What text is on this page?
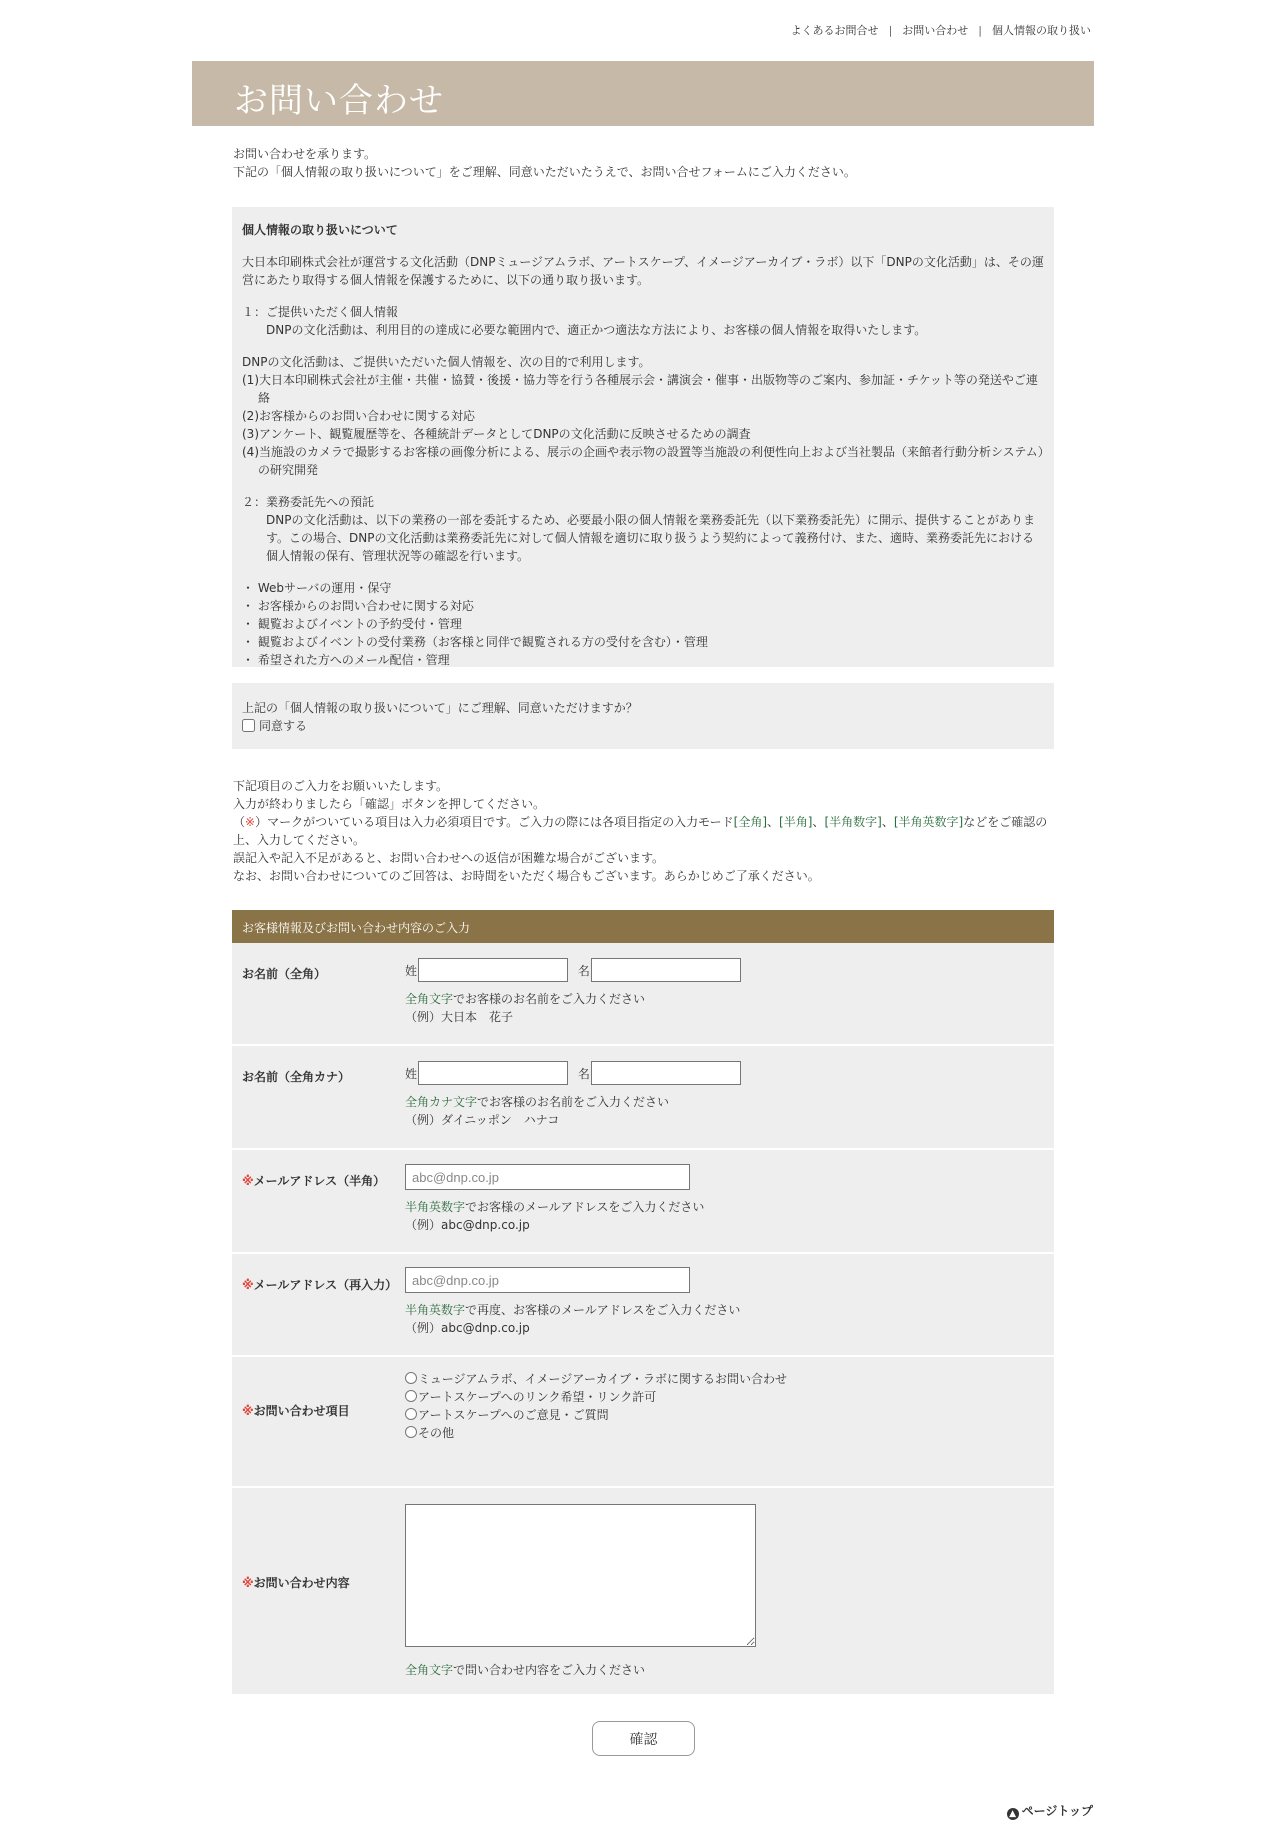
よくあるお問合せ | お問い合わせ | 個人情報の取り扱い
お問い合わせ
お問い合わせを承ります。
下記の「個人情報の取り扱いについて」をご理解、同意いただいたうえで、お問い合せフォームにご入力ください。
個人情報の取り扱いについて

大日本印刷株式会社が運営する文化活動（DNPミュージアムラボ、アートスケープ、イメージアーカイブ・ラボ）以下「DNPの文化活動」は、その運営にあたり取得する個人情報を保護するために、以下の通り取り扱います。

１：ご提供いただく個人情報
DNPの文化活動は、利用目的の達成に必要な範囲内で、適正かつ適法な方法により、お客様の個人情報を取得いたします。

DNPの文化活動は、ご提供いただいた個人情報を、次の目的で利用します。
(1)大日本印刷株式会社が主催・共催・協賛・後援・協力等を行う各種展示会・講演会・催事・出版物等のご案内、参加証・チケット等の発送やご連絡
(2)お客様からのお問い合わせに関する対応
(3)アンケート、観覧履歴等を、各種統計データとしてDNPの文化活動に反映させるための調査
(4)当施設のカメラで撮影するお客様の画像分析による、展示の企画や表示物の設置等当施設の利便性向上および当社製品（来館者行動分析システム）の研究開発

２：業務委託先への預託
DNPの文化活動は、以下の業務の一部を委託するため、必要最小限の個人情報を業務委託先（以下業務委託先）に開示、提供することがあります。この場合、DNPの文化活動は業務委託先に対して個人情報を適切に取り扱うよう契約によって義務付け、また、適時、業務委託先における個人情報の保有、管理状況等の確認を行います。

・ Webサーバの運用・保守
・ お客様からのお問い合わせに関する対応
・ 観覧およびイベントの予約受付・管理
・ 観覧およびイベントの受付業務（お客様と同伴で観覧される方の受付を含む）・管理
・ 希望された方へのメール配信・管理

上記の「個人情報の取り扱いについて」にご理解、同意いただけますか？
同意する
下記項目のご入力をお願いいたします。
入力が終わりましたら「確認」ボタンを押してください。
（※）マークがついている項目は入力必須項目です。ご入力の際には各項目指定の入力モード[全角]、[半角]、[半角数字]、[半角英数字]などをご確認の上、入力してください。
誤記入や記入不足があると、お問い合わせへの返信が困難な場合がございます。
なお、お問い合わせについてのご回答は、お時間をいただく場合もございます。あらかじめご了承ください。
お客様情報及びお問い合わせ内容のご入力
お名前（全角）	姓	名
全角文字でお客様のお名前をご入力ください
（例）大日本　花子
お名前（全角カナ）	姓	名
全角カナ文字でお客様のお名前をご入力ください
（例）ダイニッポン　ハナコ
※メールアドレス（半角）
abc@dnp.co.jp
半角英数字でお客様のメールアドレスをご入力ください
（例）abc@dnp.co.jp
※メールアドレス（再入力）
abc@dnp.co.jp
半角英数字で再度、お客様のメールアドレスをご入力ください
（例）abc@dnp.co.jp
※お問い合わせ項目
ミュージアムラボ、イメージアーカイブ・ラボに関するお問い合わせ
アートスケープへのリンク希望・リンク許可
アートスケープへのご意見・ご質問
その他
※お問い合わせ内容
全角文字で問い合わせ内容をご入力ください
確認
▲ ページトップ
